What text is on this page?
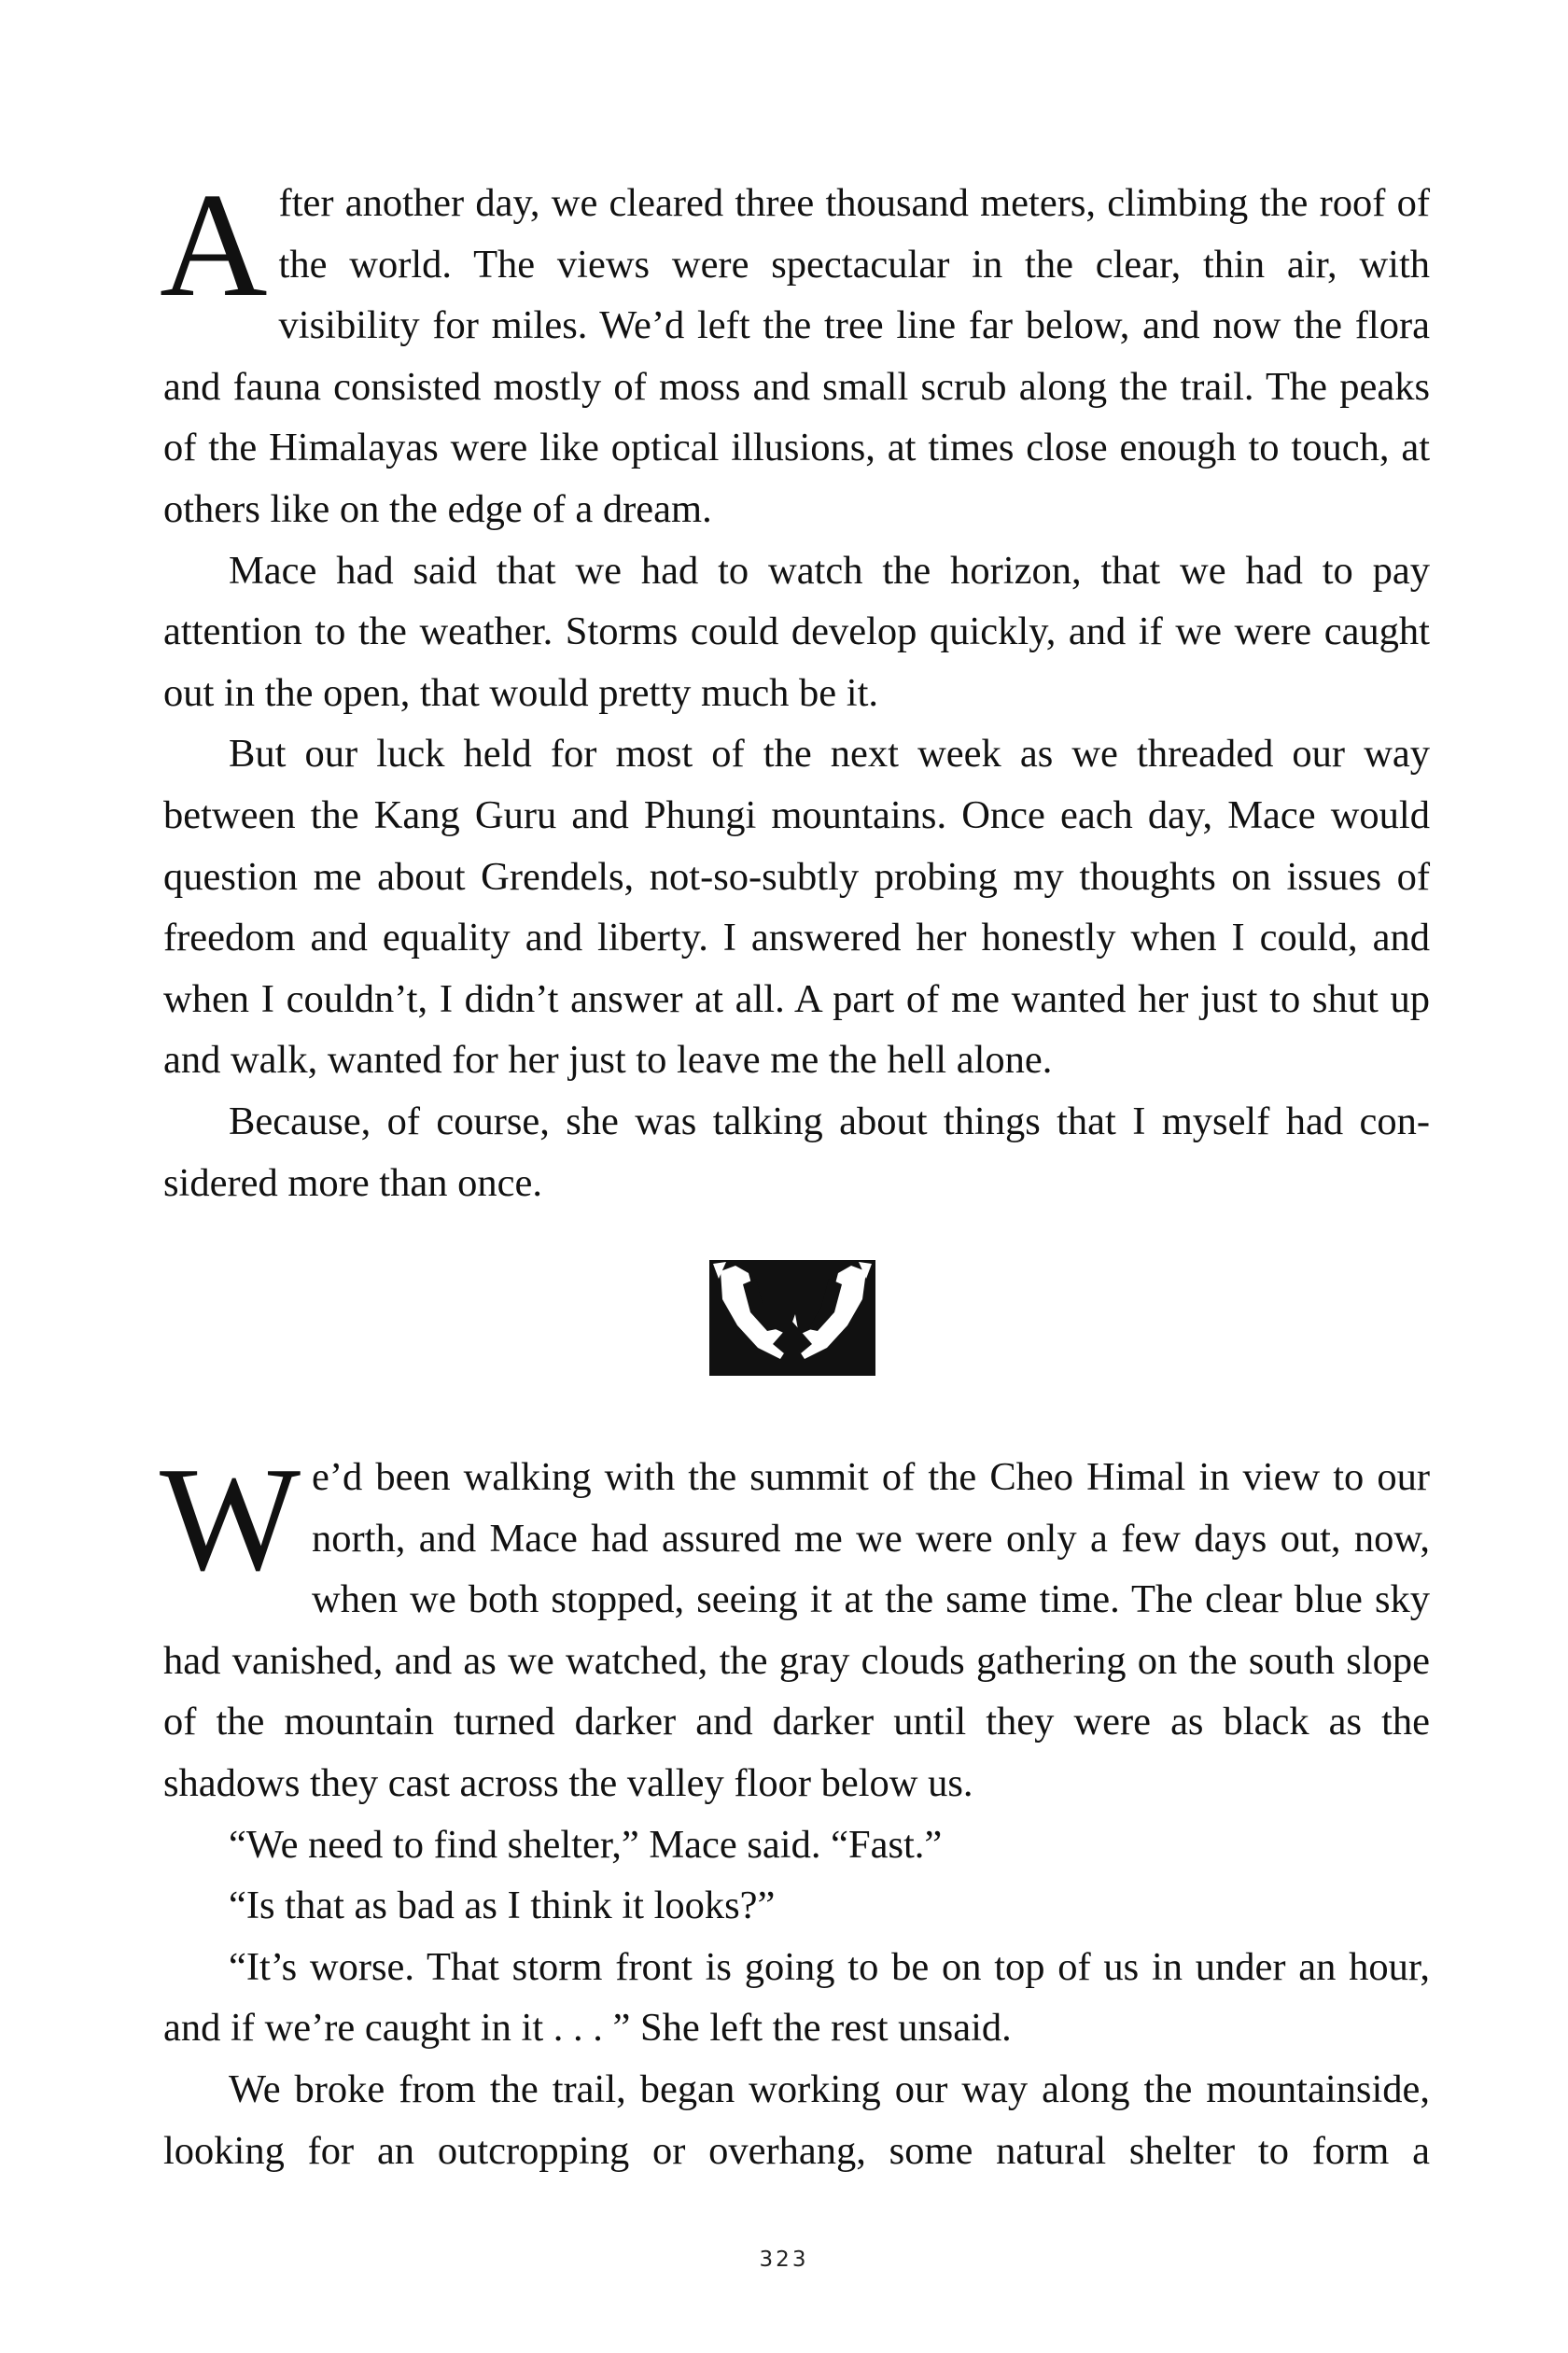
After another day, we cleared three thousand meters, climbing the roof of the world. The views were spectacular in the clear, thin air, with visibility for miles. We’d left the tree line far below, and now the flora and fauna consisted mostly of moss and small scrub along the trail. The peaks of the Himalayas were like optical illusions, at times close enough to touch, at others like on the edge of a dream.

Mace had said that we had to watch the horizon, that we had to pay attention to the weather. Storms could develop quickly, and if we were caught out in the open, that would pretty much be it.

But our luck held for most of the next week as we threaded our way between the Kang Guru and Phungi mountains. Once each day, Mace would question me about Grendels, not-so-subtly probing my thoughts on issues of freedom and equality and liberty. I answered her honestly when I could, and when I couldn’t, I didn’t answer at all. A part of me wanted her just to shut up and walk, wanted for her just to leave me the hell alone.

Because, of course, she was talking about things that I myself had considered more than once.

We’d been walking with the summit of the Cheo Himal in view to our north, and Mace had assured me we were only a few days out, now, when we both stopped, seeing it at the same time. The clear blue sky had vanished, and as we watched, the gray clouds gathering on the south slope of the mountain turned darker and darker until they were as black as the shadows they cast across the valley floor below us.

“We need to find shelter,” Mace said. “Fast.”

“Is that as bad as I think it looks?”

“It’s worse. That storm front is going to be on top of us in under an hour, and if we’re caught in it . . . ” She left the rest unsaid.

We broke from the trail, began working our way along the mountainside, looking for an outcropping or overhang, some natural shelter to form a

323
